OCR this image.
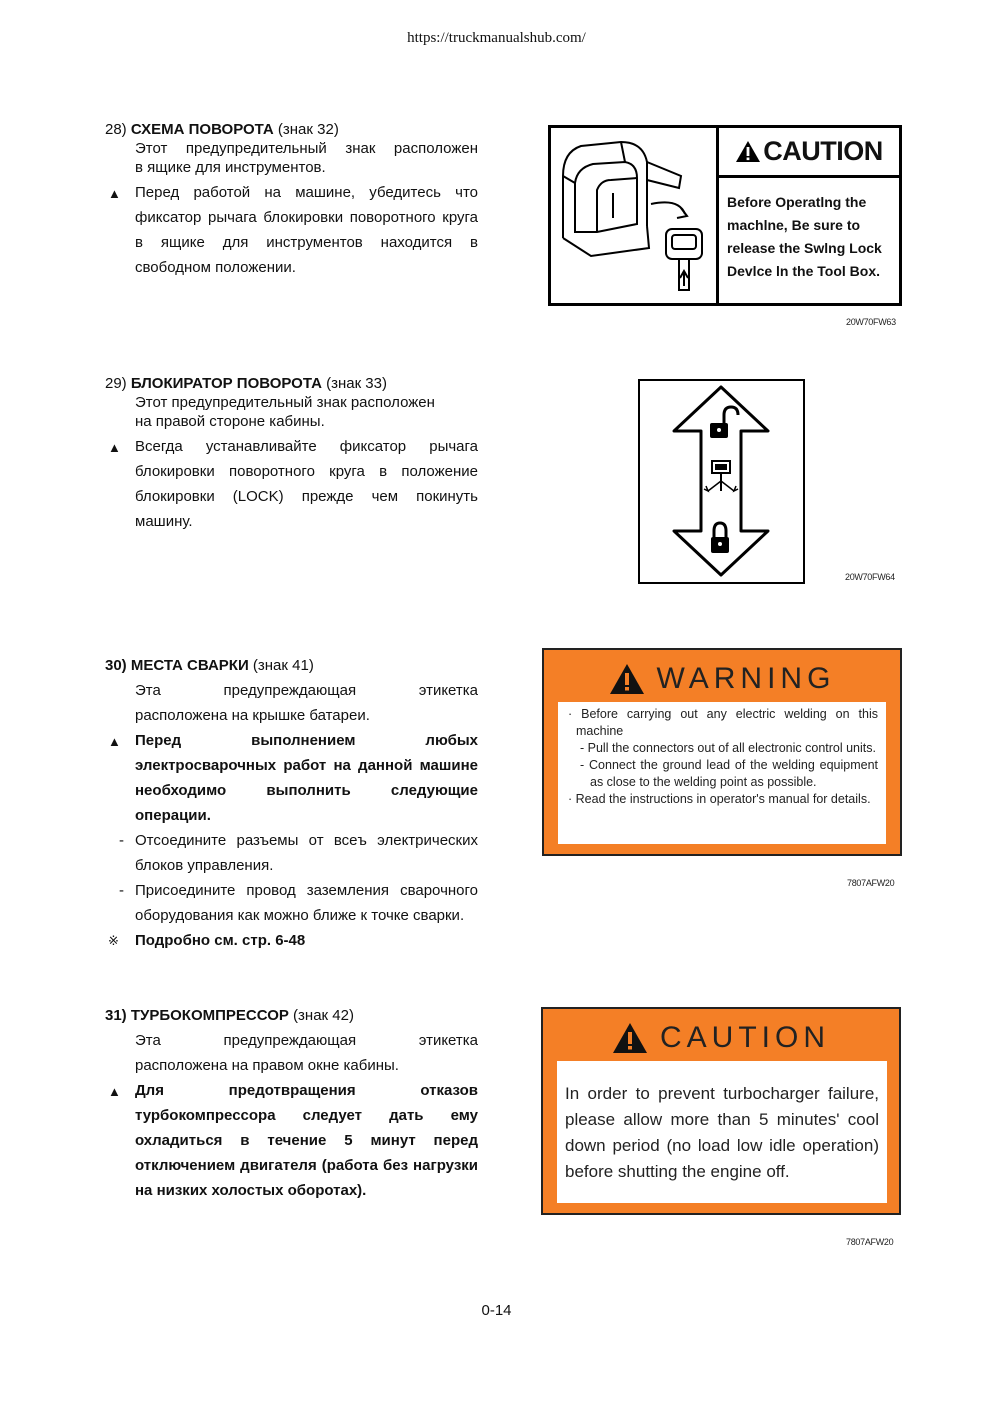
https://truckmanualshub.com/
28) СХЕМА ПОВОРОТА (знак 32)
Этот предупредительный знак расположен
в ящике для инструментов.
▲ Перед работой на машине, убедитесь что фиксатор рычага блокировки поворотного круга в ящике для инструментов находится в свободном положении.
CAUTION
Before Operatlng the
machlne, Be sure to
release the Swlng Lock
Devlce ln the Tool Box.
20W70FW63
29) БЛОКИРАТОР ПОВОРОТА (знак 33)
Этот предупредительный знак расположен
на правой стороне кабины.
▲ Всегда устанавливайте фиксатор рычага блокировки поворотного круга в положение блокировки (LOCK) прежде чем покинуть машину.
20W70FW64
30) МЕСТА СВАРКИ (знак 41)
Эта предупреждающая этикетка
расположена на крышке батареи.
▲ Перед выполнением любых электросварочных работ на данной машине необходимо выполнить следующие операции.
- Отсоедините разъемы от всеъ электрических блоков управления.
- Присоедините провод заземления сварочного оборудования как можно ближе к точке сварки.
※ Подробно см. стр. 6-48
WARNING
· Before carrying out any electric welding on this machine
- Pull the connectors out of all electronic control units.
- Connect the ground lead of the welding equipment as close to the welding point as possible.
· Read the instructions in operator's manual for details.
7807AFW20
31) ТУРБОКОМПРЕССОР (знак 42)
Эта предупреждающая этикетка
расположена на правом окне кабины.
▲ Для предотвращения отказов турбокомпрессора следует дать ему охладиться в течение 5 минут перед отключением двигателя (работа без нагрузки на низких холостых оборотах).
CAUTION
In order to prevent turbocharger failure, please allow more than 5 minutes' cool down period (no load low idle operation) before shutting the engine off.
7807AFW20
0-14
